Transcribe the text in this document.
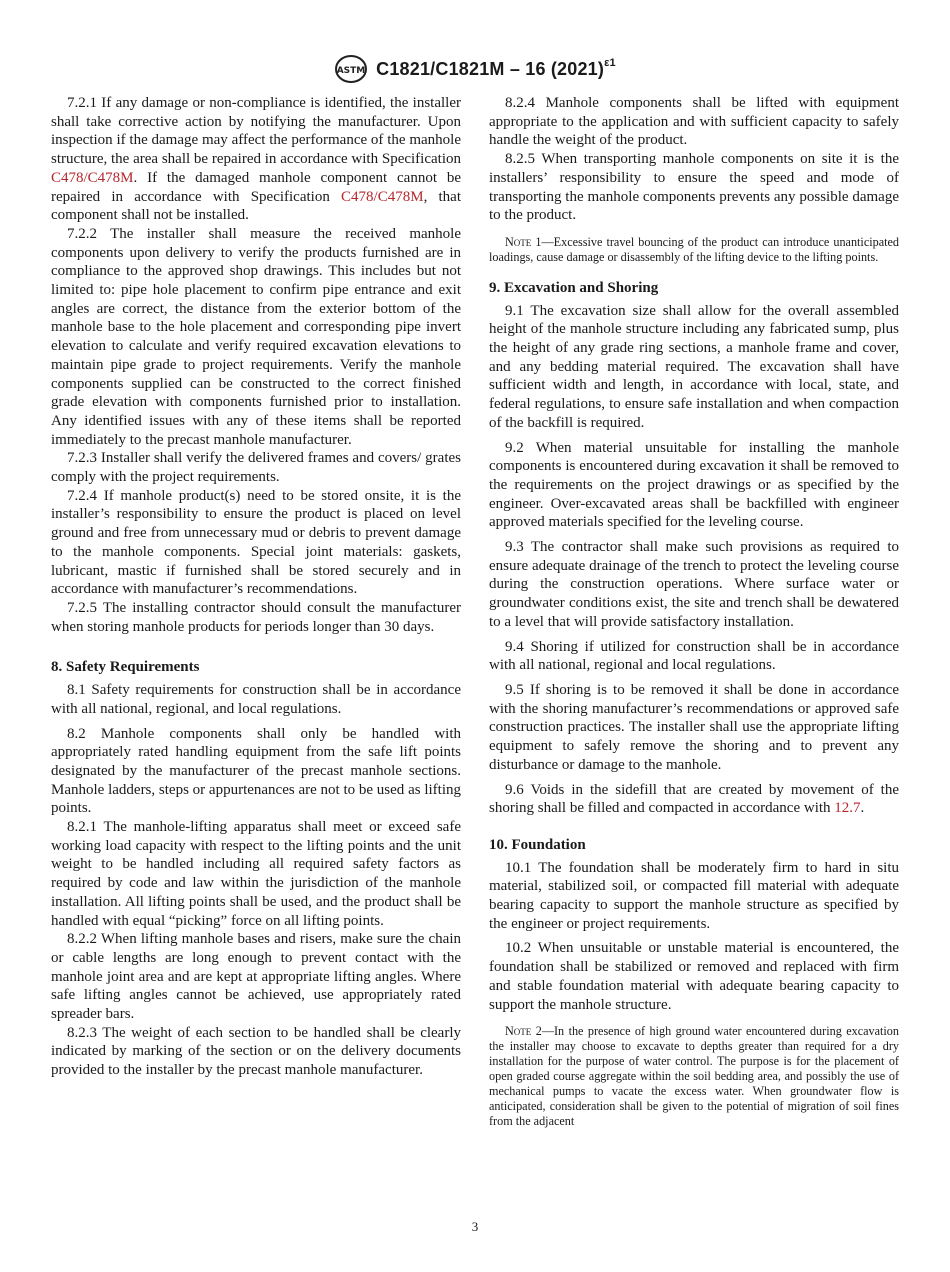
ASTM C1821/C1821M – 16 $(2021)^{\varepsilon 1}$

7.2.1 If any damage or non-compliance is identified, the installer shall take corrective action by notifying the manufacturer. Upon inspection if the damage may affect the performance of the manhole structure, the area shall be repaired in accordance with Specification C478/C478M. If the damaged manhole component cannot be repaired in accordance with Specification C478/C478M, that component shall not be installed.

7.2.2 The installer shall measure the received manhole components upon delivery to verify the products furnished are in compliance to the approved shop drawings. This includes but not limited to: pipe hole placement to confirm pipe entrance and exit angles are correct, the distance from the exterior bottom of the manhole base to the hole placement and corresponding pipe invert elevation to calculate and verify required excavation elevations to maintain pipe grade to project requirements. Verify the manhole components supplied can be constructed to the correct finished grade elevation with components furnished prior to installation. Any identified issues with any of these items shall be reported immediately to the precast manhole manufacturer.

7.2.3 Installer shall verify the delivered frames and covers/ grates comply with the project requirements.

7.2.4 If manhole product(s) need to be stored onsite, it is the installer’s responsibility to ensure the product is placed on level ground and free from unnecessary mud or debris to prevent damage to the manhole components. Special joint materials: gaskets, lubricant, mastic if furnished shall be stored securely and in accordance with manufacturer’s recommendations.

7.2.5 The installing contractor should consult the manufacturer when storing manhole products for periods longer than 30 days.

8. Safety Requirements

8.1 Safety requirements for construction shall be in accordance with all national, regional, and local regulations.

8.2 Manhole components shall only be handled with appropriately rated handling equipment from the safe lift points designated by the manufacturer of the precast manhole sections. Manhole ladders, steps or appurtenances are not to be used as lifting points.

8.2.1 The manhole-lifting apparatus shall meet or exceed safe working load capacity with respect to the lifting points and the unit weight to be handled including all required safety factors as required by code and law within the jurisdiction of the manhole installation. All lifting points shall be used, and the product shall be handled with equal “picking” force on all lifting points.

8.2.2 When lifting manhole bases and risers, make sure the chain or cable lengths are long enough to prevent contact with the manhole joint area and are kept at appropriate lifting angles. Where safe lifting angles cannot be achieved, use appropriately rated spreader bars.

8.2.3 The weight of each section to be handled shall be clearly indicated by marking of the section or on the delivery documents provided to the installer by the precast manhole manufacturer.

8.2.4 Manhole components shall be lifted with equipment appropriate to the application and with sufficient capacity to safely handle the weight of the product.

8.2.5 When transporting manhole components on site it is the installers’ responsibility to ensure the speed and mode of transporting the manhole components prevents any possible damage to the product.

Note 1—Excessive travel bouncing of the product can introduce unanticipated loadings, cause damage or disassembly of the lifting device to the lifting points.

9. Excavation and Shoring

9.1 The excavation size shall allow for the overall assembled height of the manhole structure including any fabricated sump, plus the height of any grade ring sections, a manhole frame and cover, and any bedding material required. The excavation shall have sufficient width and length, in accordance with local, state, and federal regulations, to ensure safe installation and when compaction of the backfill is required.

9.2 When material unsuitable for installing the manhole components is encountered during excavation it shall be removed to the requirements on the project drawings or as specified by the engineer. Over-excavated areas shall be backfilled with engineer approved materials specified for the leveling course.

9.3 The contractor shall make such provisions as required to ensure adequate drainage of the trench to protect the leveling course during the construction operations. Where surface water or groundwater conditions exist, the site and trench shall be dewatered to a level that will provide satisfactory installation.

9.4 Shoring if utilized for construction shall be in accordance with all national, regional and local regulations.

9.5 If shoring is to be removed it shall be done in accordance with the shoring manufacturer’s recommendations or approved safe construction practices. The installer shall use the appropriate lifting equipment to safely remove the shoring and to prevent any disturbance or damage to the manhole.

9.6 Voids in the sidefill that are created by movement of the shoring shall be filled and compacted in accordance with 12.7.

10. Foundation

10.1 The foundation shall be moderately firm to hard in situ material, stabilized soil, or compacted fill material with adequate bearing capacity to support the manhole structure as specified by the engineer or project requirements.

10.2 When unsuitable or unstable material is encountered, the foundation shall be stabilized or removed and replaced with firm and stable foundation material with adequate bearing capacity to support the manhole structure.

Note 2—In the presence of high ground water encountered during excavation the installer may choose to excavate to depths greater than required for a dry installation for the purpose of water control. The purpose is for the placement of open graded course aggregate within the soil bedding area, and possibly the use of mechanical pumps to vacate the excess water. When groundwater flow is anticipated, consideration shall be given to the potential of migration of soil fines from the adjacent

3
